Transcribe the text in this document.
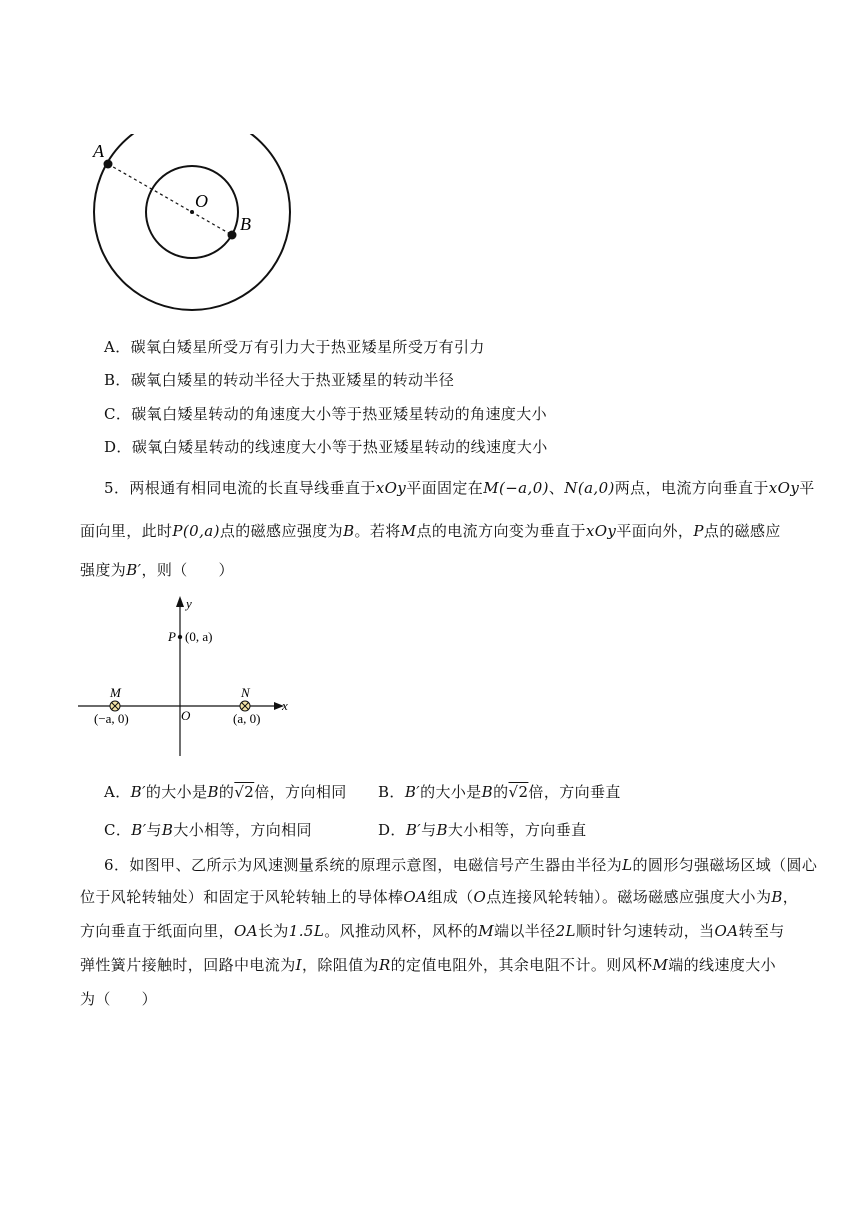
A
O
B
A．碳氧白矮星所受万有引力大于热亚矮星所受万有引力
B．碳氧白矮星的转动半径大于热亚矮星的转动半径
C．碳氧白矮星转动的角速度大小等于热亚矮星转动的角速度大小
D．碳氧白矮星转动的线速度大小等于热亚矮星转动的线速度大小
5．两根通有相同电流的长直导线垂直于xOy平面固定在M(−a,0)、N(a,0)两点，电流方向垂直于xOy平
面向里，此时P(0,a)点的磁感应强度为B。若将M点的电流方向变为垂直于xOy平面向外，P点的磁感应
强度为B′，则（　　）
y
x
P (0, a)
M
(−a, 0)	O
N
(a, 0)
A．B′的大小是B的√2倍，方向相同 B．B′的大小是B的√2倍，方向垂直
C．B′与B大小相等，方向相同	D．B′与B大小相等，方向垂直
6．如图甲、乙所示为风速测量系统的原理示意图，电磁信号产生器由半径为L的圆形匀强磁场区域（圆心
位于风轮转轴处）和固定于风轮转轴上的导体棒OA组成（O点连接风轮转轴）。磁场磁感应强度大小为B，
方向垂直于纸面向里，OA长为1.5L。风推动风杯，风杯的M端以半径2L顺时针匀速转动，当OA转至与
弹性簧片接触时，回路中电流为I，除阻值为R的定值电阻外，其余电阻不计。则风杯M端的线速度大小
为（　　）
